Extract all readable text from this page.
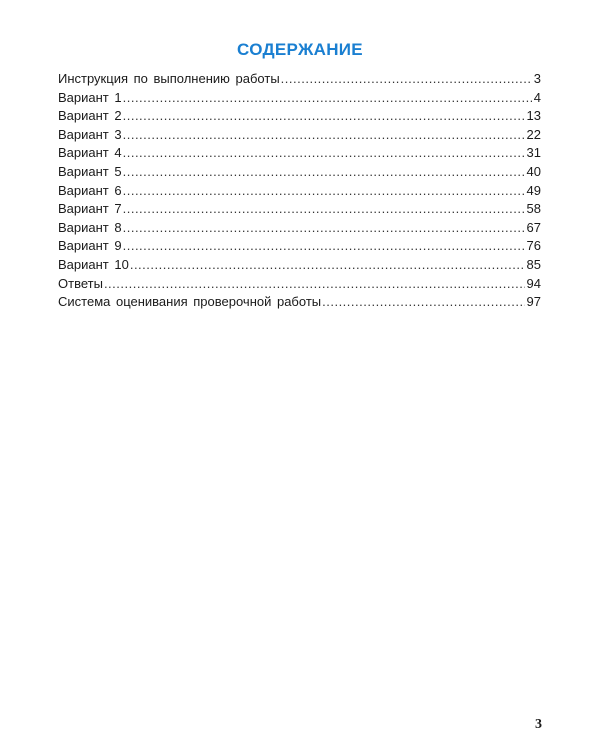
СОДЕРЖАНИЕ
Инструкция по выполнению работы .....	3
Вариант 1 .....	4
Вариант 2 .....	13
Вариант 3 .....	22
Вариант 4 .....	31
Вариант 5 .....	40
Вариант 6 .....	49
Вариант 7 .....	58
Вариант 8 .....	67
Вариант 9 .....	76
Вариант 10 .....	85
Ответы .....	94
Система оценивания проверочной работы .....	97
3
